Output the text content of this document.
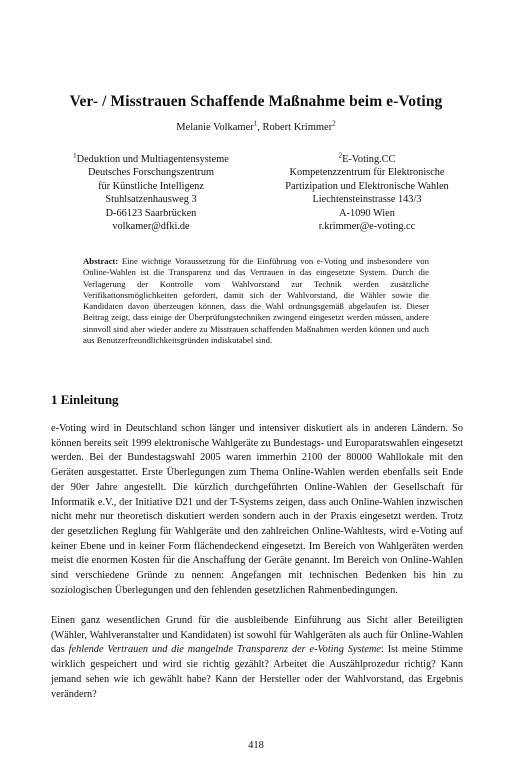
Ver- / Misstrauen Schaffende Maßnahme beim e-Voting
Melanie Volkamer$^1$, Robert Krimmer$^2$
$^1$Deduktion und Multiagentensysteme
Deutsches Forschungszentrum
für Künstliche Intelligenz
Stuhlsatzenhausweg 3
D-66123 Saarbrücken
volkamer@dfki.de
$^2$E-Voting.CC
Kompetenzzentrum für Elektronische
Partizipation und Elektronische Wahlen
Liechtensteinstrasse 143/3
A-1090 Wien
r.krimmer@e-voting.cc
Abstract: Eine wichtige Voraussetzung für die Einführung von e-Voting und insbesondere von Online-Wahlen ist die Transparenz und das Vertrauen in das eingesetzte System. Durch die Verlagerung der Kontrolle vom Wahlvorstand zur Technik werden zusätzliche Verifikationsmöglichkeiten gefordert, damit sich der Wahlvorstand, die Wähler sowie die Kandidaten davon überzeugen können, dass die Wahl ordnungsgemäß abgelaufen ist. Dieser Beitrag zeigt, dass einige der Überprüfungstechniken zwingend eingesetzt werden müssen, andere sinnvoll sind aber wieder andere zu Misstrauen schaffenden Maßnahmen werden können und auch aus Benutzerfreundlichkeitsgründen indiskutabel sind.
1 Einleitung
e-Voting wird in Deutschland schon länger und intensiver diskutiert als in anderen Ländern. So können bereits seit 1999 elektronische Wahlgeräte zu Bundestags- und Europaratswahlen eingesetzt werden. Bei der Bundestagswahl 2005 waren immerhin 2100 der 80000 Wahllokale mit den Geräten ausgestattet. Erste Überlegungen zum Thema Online-Wahlen werden ebenfalls seit Ende der 90er Jahre angestellt. Die kürzlich durchgeführten Online-Wahlen der Gesellschaft für Informatik e.V., der Initiative D21 und der T-Systems zeigen, dass auch Online-Wahlen inzwischen nicht mehr nur theoretisch diskutiert werden sondern auch in der Praxis eingesetzt werden. Trotz der gesetzlichen Reglung für Wahlgeräte und den zahlreichen Online-Wahltests, wird e-Voting auf keiner Ebene und in keiner Form flächendeckend eingesetzt. Im Bereich von Wahlgeräten werden meist die enormen Kosten für die Anschaffung der Geräte genannt. Im Bereich von Online-Wahlen sind verschiedene Gründe zu nennen: Angefangen mit technischen Bedenken bis hin zu soziologischen Überlegungen und den fehlenden gesetzlichen Rahmenbedingungen.
Einen ganz wesentlichen Grund für die ausbleibende Einführung aus Sicht aller Beteiligten (Wähler, Wahlveranstalter und Kandidaten) ist sowohl für Wahlgeräten als auch für Online-Wahlen das fehlende Vertrauen und die mangelnde Transparenz der e-Voting Systeme: Ist meine Stimme wirklich gespeichert und wird sie richtig gezählt? Arbeitet die Auszählprozedur richtig? Kann jemand sehen wie ich gewählt habe? Kann der Hersteller oder der Wahlvorstand, das Ergebnis verändern?
418
